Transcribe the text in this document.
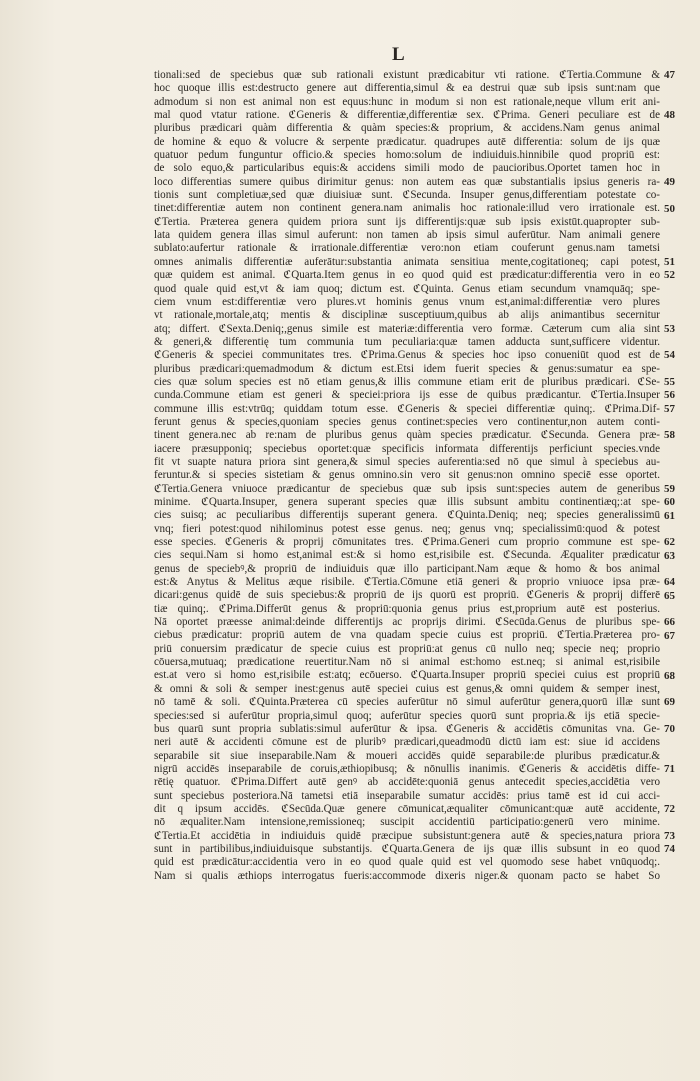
L
tionali:sed de speciebus quæ sub rationali existunt prædicabitur vti ratione. ℭTertia.Commune &
hoc quoque illis est:destructo genere aut differentia,simul & ea destrui quæ sub ipsis sunt:nam que
admodum si non est animal non est equus:hunc in modum si non est rationale,neque vllum erit ani-
mal quod vtatur ratione. ℭGeneris & differentiæ,differentiæ sex. ℭPrima. Generi peculiare est de
pluribus prædicari quàm differentia & quàm species:& proprium, & accidens.Nam genus animal
de homine & equo & volucre & serpente prædicatur. quadrupes autē differentia: solum de ijs quæ
quatuor pedum funguntur officio.& species homo:solum de indiuiduis.hinnibile quod propriū est:
de solo equo,& particularibus equis:& accidens simili modo de paucioribus.Oportet tamen hoc in
loco differentias sumere quibus dirimitur genus: non autem eas quæ substantialis ipsius generis ra-
tionis sunt completiuæ,sed quæ diuisiuæ sunt. ℭSecunda. Insuper genus,differentiam potestate co-
tinet:differentiæ autem non continent genera.nam animalis hoc rationale:illud vero irrationale est.
ℭTertia. Præterea genera quidem priora sunt ijs differentijs:quæ sub ipsis existūt.quapropter sub-
lata quidem genera illas simul auferunt: non tamen ab ipsis simul auferūtur. Nam animali genere
sublato:aufertur rationale & irrationale.differentiæ vero:non etiam couferunt genus.nam tametsi
omnes animalis differentiæ auferātur:substantia animata sensitiua mente,cogitationeq; capi potest,
quæ quidem est animal. ℭQuarta.Item genus in eo quod quid est prædicatur:differentia vero in eo
quod quale quid est,vt & iam quoq; dictum est. ℭQuinta. Genus etiam secundum vnamquāq; spe-
ciem vnum est:differentiæ vero plures.vt hominis genus vnum est,animal:differentiæ vero plures
vt rationale,mortale,atq; mentis & disciplinæ susceptiuum,quibus ab alijs animantibus secernitur
atq; differt. ℭSexta.Deniq;,genus simile est materiæ:differentia vero formæ. Cæterum cum alia sint
& generi,& differentię tum communia tum peculiaria:quæ tamen adducta sunt,sufficere videntur.
ℭGeneris & speciei communitates tres. ℭPrima.Genus & species hoc ipso conueniūt quod est de
pluribus prædicari:quemadmodum & dictum est.Etsi idem fuerit species & genus:sumatur ea spe-
cies quæ solum species est nō etiam genus,& illis commune etiam erit de pluribus prædicari. ℭSe-
cunda.Commune etiam est generi & speciei:priora ijs esse de quibus prædicantur. ℭTertia.Insuper
commune illis est:vtrūq; quiddam totum esse. ℭGeneris & speciei differentiæ quinq;. ℭPrima.Dif-
ferunt genus & species,quoniam species genus continet:species vero continentur,non autem conti-
tinent genera.nec ab re:nam de pluribus genus quàm species prædicatur. ℭSecunda. Genera præ-
iacere præsupponiq; speciebus oportet:quæ specificis informata differentijs perficiunt species.vnde
fit vt suapte natura priora sint genera,& simul species auferentia:sed nō que simul à speciebus au-
feruntur.& si species sistetiam & genus omnino.sin vero sit genus:non omnino speciē esse oportet.
ℭTertia.Genera vniuoce prædicantur de speciebus quæ sub ipsis sunt:species autem de generibus
minime. ℭQuarta.Insuper, genera superant species quæ illis subsunt ambitu continentiæq;:at spe-
cies suisq; ac peculiaribus differentijs superant genera. ℭQuinta.Deniq; neq; species generalissimū
vnq; fieri potest:quod nihilominus potest esse genus. neq; genus vnq; specialissimū:quod & potest
esse species. ℭGeneris & proprij cōmunitates tres. ℭPrima.Generi cum proprio commune est spe-
cies sequi.Nam si homo est,animal est:& si homo est,risibile est. ℭSecunda. Æqualiter prædicatur
genus de speciebꝰ,& propriū de indiuiduis quæ illo participant.Nam æque & homo & bos animal
est:& Anytus & Melitus æque risibile. ℭTertia.Cōmune etiā generi & proprio vniuoce ipsa præ-
dicari:genus quidē de suis speciebus:& propriū de ijs quorū est propriū. ℭGeneris & proprij differē
tiæ quinq;. ℭPrima.Differūt genus & propriū:quonia genus prius est,proprium autē est posterius.
Nā oportet præesse animal:deinde differentijs ac proprijs dirimi. ℭSecūda.Genus de pluribus spe-
ciebus prædicatur: propriū autem de vna quadam specie cuius est propriū. ℭTertia.Præterea pro-
priū conuersim prædicatur de specie cuius est propriū:at genus cū nullo neq; specie neq; proprio
cōuersa,mutuaq; prædicatione reuertitur.Nam nō si animal est:homo est.neq; si animal est,risibile
est.at vero si homo est,risibile est:atq; ecōuerso. ℭQuarta.Insuper propriū speciei cuius est propriū
& omni & soli & semper inest:genus autē speciei cuius est genus,& omni quidem & semper inest,
nō tamē & soli. ℭQuinta.Præterea cū species auferūtur nō simul auferūtur genera,quorū illæ sunt
species:sed si auferūtur propria,simul quoq; auferūtur species quorū sunt propria.& ijs etiā specie-
bus quarū sunt propria sublatis:simul auferūtur & ipsa. ℭGeneris & accidētis cōmunitas vna. Ge-
neri autē & accidenti cōmune est de pluribꝰ prædicari,queadmodū dictū iam est: siue id accidens
separabile sit siue inseparabile.Nam & moueri accidēs quidē separabile:de pluribus prædicatur.&
nigrū accidēs inseparabile de coruis,æthiopibusq; & nōnullis inanimis. ℭGeneris & accidētis diffe-
rētię quatuor. ℭPrima.Differt autē genꝰ ab accidēte:quoniā genus antecedit species,accidētia vero
sunt speciebus posteriora.Nā tametsi etiā inseparabile sumatur accidēs: prius tamē est id cui acci-
dit q ipsum accidēs. ℭSecūda.Quæ genere cōmunicat,æqualiter cōmunicant:quæ autē accidente,
nō æqualiter.Nam intensione,remissioneq; suscipit accidentiū participatio:generū vero minime.
ℭTertia.Et accidētia in indiuiduis quidē præcipue subsistunt:genera autē & species,natura priora
sunt in partibilibus,indiuiduisque substantijs. ℭQuarta.Genera de ijs quæ illis subsunt in eo quod
quid est prædicātur:accidentia vero in eo quod quale quid est vel quomodo sese habet vnūquodq;.
Nam si qualis æthiops interrogatus fueris:accommode dixeris niger.& quonam pacto se habet So
47
48
49
50
51
52
53
54
55
56
57
58
59
60
61
62
63
64
65
66
67
68
69
70
71
72
73
74
